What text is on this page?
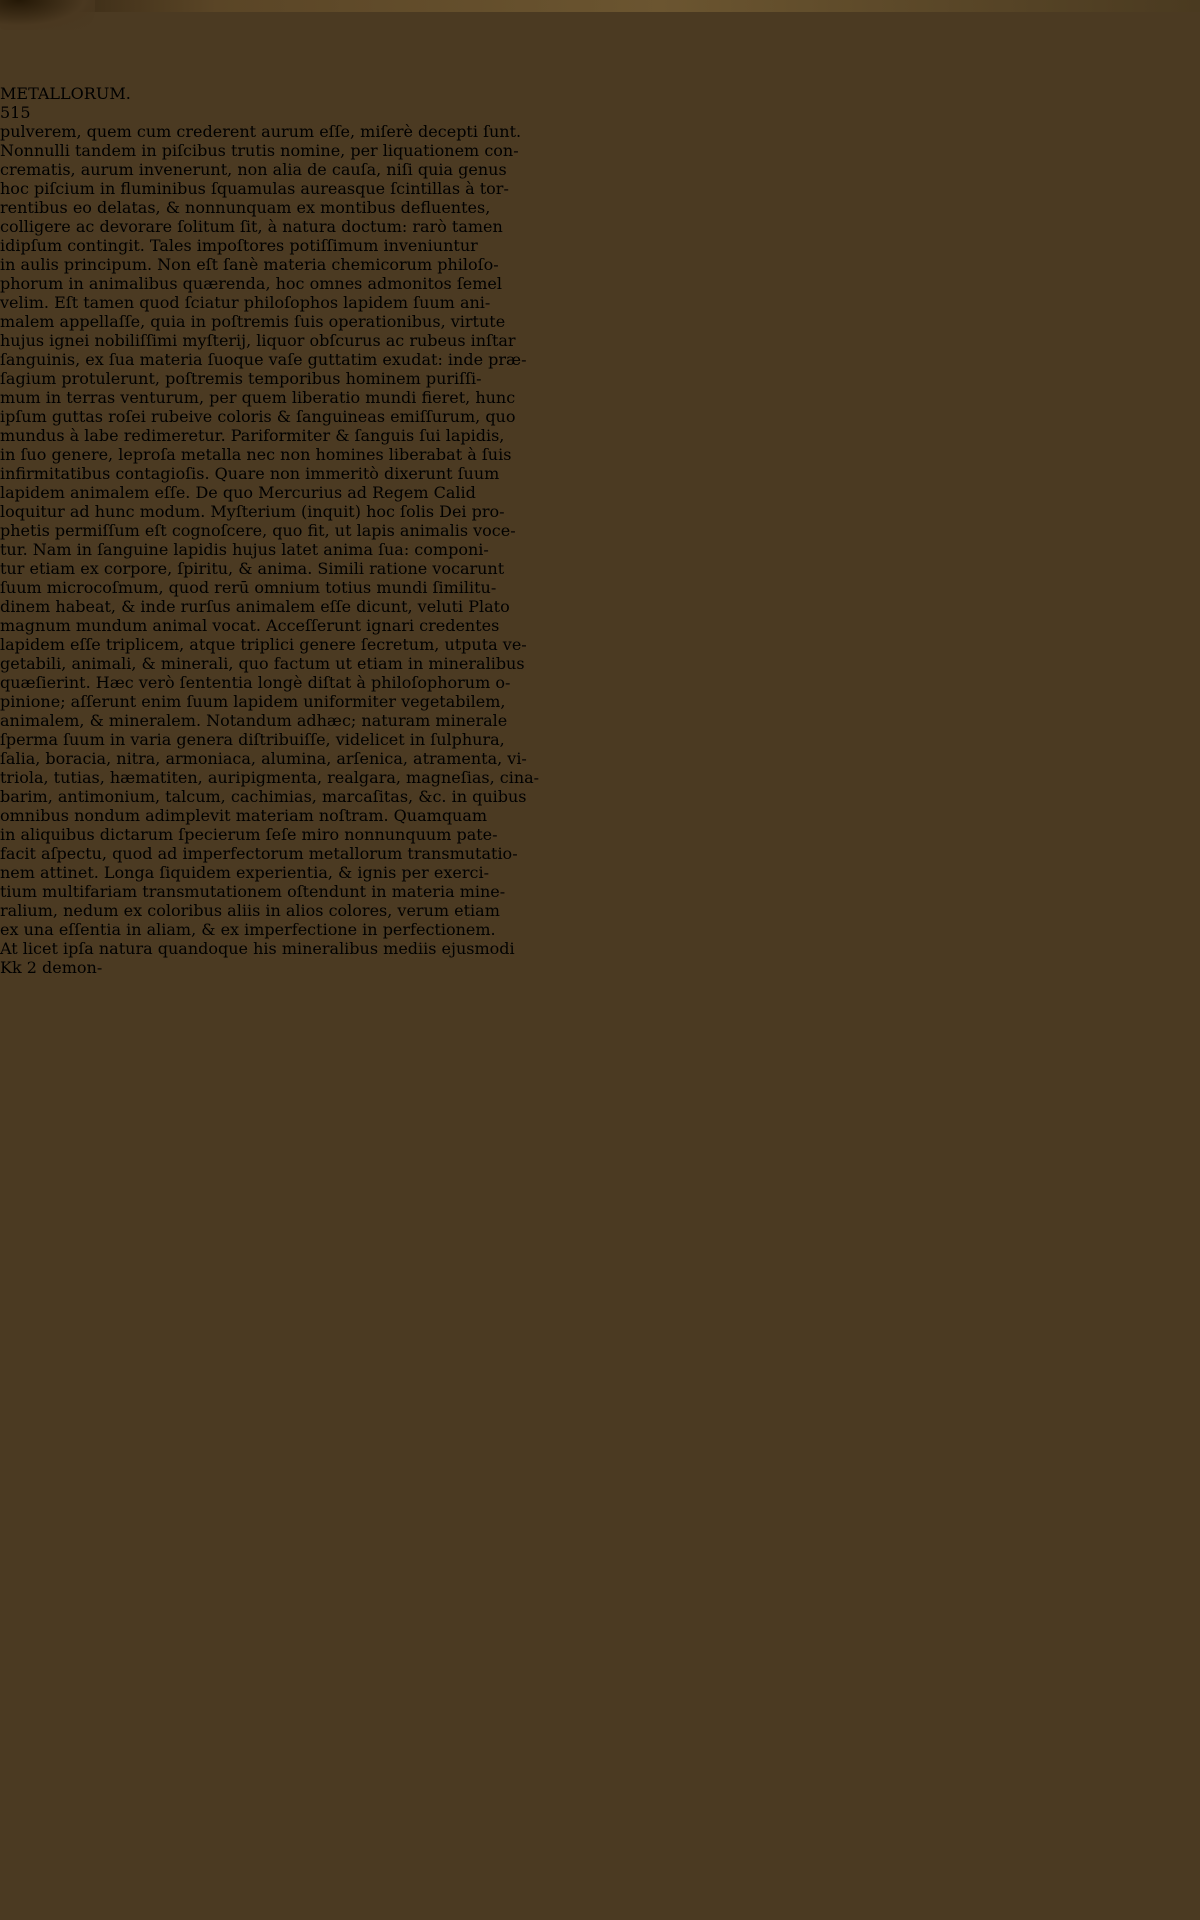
METALLORUM.
515
pulverem, quem cum crederent aurum eſſe, miſerè decepti ſunt.
Nonnulli tandem in piſcibus trutis nomine, per liquationem con-
crematis, aurum invenerunt, non alia de cauſa, niſi quia genus
hoc piſcium in fluminibus ſquamulas aureasque ſcintillas à tor-
rentibus eo delatas, & nonnunquam ex montibus defluentes,
colligere ac devorare ſolitum ſit, à natura doctum: rarò tamen
idipſum contingit. Tales impoſtores potiſſimum inveniuntur
in aulis principum. Non eſt ſanè materia chemicorum philoſo-
phorum in animalibus quærenda, hoc omnes admonitos ſemel
velim. Eſt tamen quod ſciatur philoſophos lapidem ſuum ani-
malem appellaſſe, quia in poſtremis ſuis operationibus, virtute
hujus ignei nobiliſſimi myſterij, liquor obſcurus ac rubeus inſtar
ſanguinis, ex ſua materia ſuoque vaſe guttatim exudat: inde præ-
ſagium protulerunt, poſtremis temporibus hominem puriſſi-
mum in terras venturum, per quem liberatio mundi fieret, hunc
ipſum guttas roſei rubeive coloris & ſanguineas emiſſurum, quo
mundus à labe redimeretur. Pariformiter & ſanguis ſui lapidis,
in ſuo genere, leproſa metalla nec non homines liberabat à ſuis
infirmitatibus contagioſis. Quare non immeritò dixerunt ſuum
lapidem animalem eſſe. De quo Mercurius ad Regem Calid
loquitur ad hunc modum. Myſterium (inquit) hoc ſolis Dei pro-
phetis permiſſum eſt cognoſcere, quo fit, ut lapis animalis voce-
tur. Nam in ſanguine lapidis hujus latet anima ſua: componi-
tur etiam ex corpore, ſpiritu, & anima. Simili ratione vocarunt
ſuum microcoſmum, quod rerū omnium totius mundi ſimilitu-
dinem habeat, & inde rurſus animalem eſſe dicunt, veluti Plato
magnum mundum animal vocat. Acceſſerunt ignari credentes
lapidem eſſe triplicem, atque triplici genere ſecretum, utputa ve-
getabili, animali, & minerali, quo factum ut etiam in mineralibus
quæſierint. Hæc verò ſententia longè diſtat à philoſophorum o-
pinione; aſſerunt enim ſuum lapidem uniformiter vegetabilem,
animalem, & mineralem. Notandum adhæc; naturam minerale
ſperma ſuum in varia genera diſtribuiſſe, videlicet in ſulphura,
ſalia, boracia, nitra, armoniaca, alumina, arſenica, atramenta, vi-
triola, tutias, hæmatiten, auripigmenta, realgara, magneſias, cina-
barim, antimonium, talcum, cachimias, marcaſitas, &c. in quibus
omnibus nondum adimplevit materiam noſtram. Quamquam
in aliquibus dictarum ſpecierum ſeſe miro nonnunquum pate-
facit aſpectu, quod ad imperfectorum metallorum transmutatio-
nem attinet. Longa ſiquidem experientia, & ignis per exerci-
tium multifariam transmutationem oſtendunt in materia mine-
ralium, nedum ex coloribus aliis in alios colores, verum etiam
ex una eſſentia in aliam, & ex imperfectione in perfectionem.
At licet ipſa natura quandoque his mineralibus mediis ejusmodi
Kk 2 demon-
